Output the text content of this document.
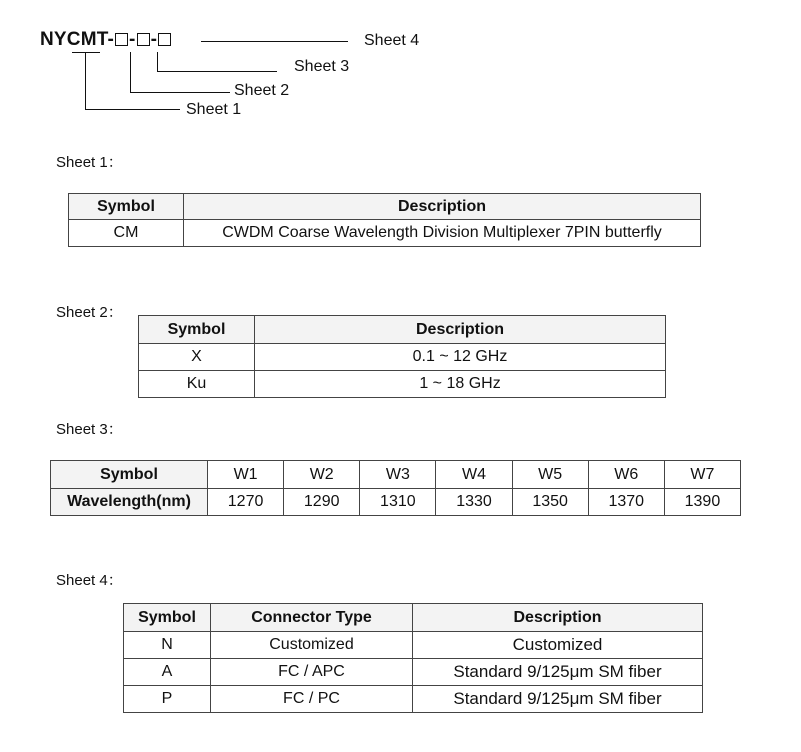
NYCMT- - -	Sheet 4
Sheet 3
Sheet 2
Sheet 1
Sheet 1：
Symbol	Description
CM	CWDM Coarse Wavelength Division Multiplexer 7PIN butterfly
Sheet 2：
Symbol	Description
X	0.1 ~ 12 GHz
Ku	1 ~ 18 GHz
Sheet 3：
Symbol	W1	W2	W3	W4	W5	W6	W7
Wavelength(nm)	1270	1290	1310	1330	1350	1370	1390
Sheet 4：
Symbol	Connector Type	Description
N	Customized	Customized
A	FC / APC	Standard 9/125μm SM fiber
P	FC / PC	Standard 9/125μm SM fiber
